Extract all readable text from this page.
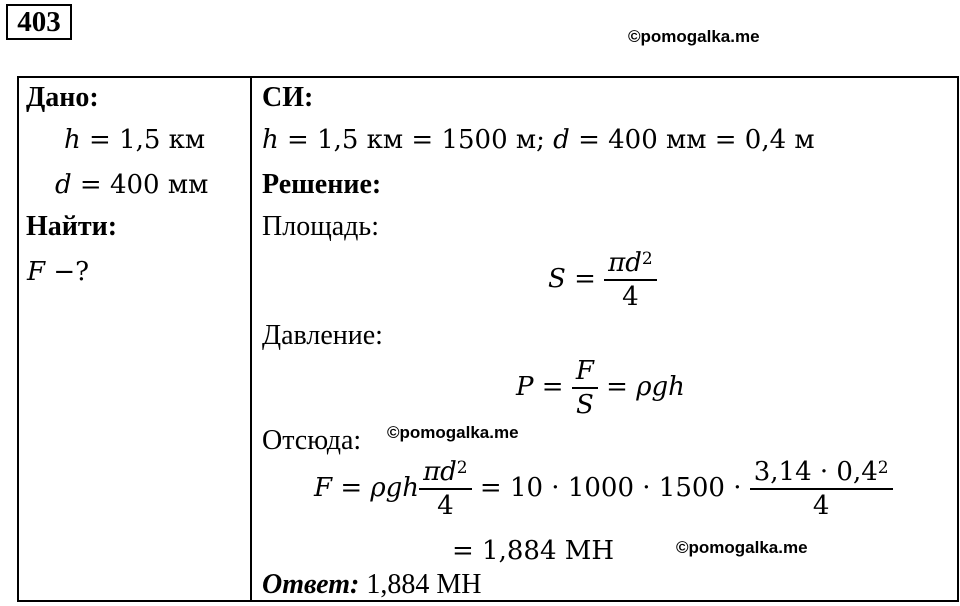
403	©pomogalka.me
©pomogalka.me
©pomogalka.me
Дано:
h = 1,5 км
d = 400 мм
Найти:
F −?
СИ:
h = 1,5 км = 1500 м; d = 400 мм = 0,4 м
Решение:
Площадь:
$S = \frac{\pi d^2}{4}$
Давление:
$P = \frac{F}{S} = \rho gh$
Отсюда:
F = ρgh $\frac{\pi d^2}{4} = 10 \cdot 1000 \cdot 1500 \cdot \frac{3,14 \cdot 0,4^2}{4}$
= 1,884 МН
Ответ: 1,884 МН
